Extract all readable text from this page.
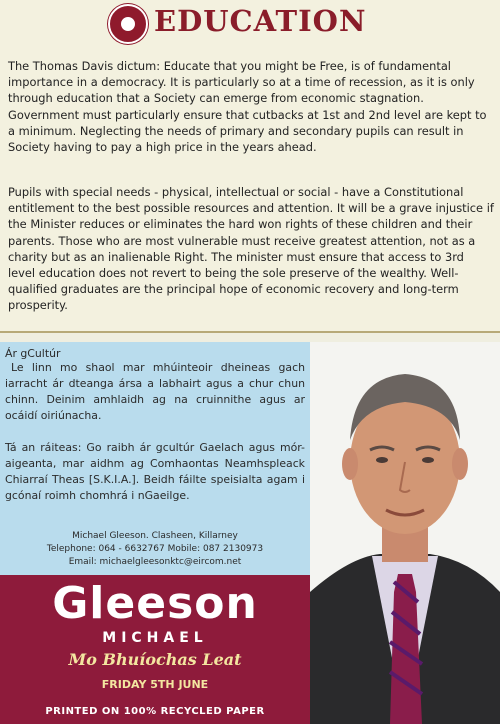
EDUCATION

The Thomas Davis dictum: Educate that you might be Free, is of fundamental importance in a democracy. It is particularly so at a time of recession, as it is only through education that a Society can emerge from economic stagnation. Government must particularly ensure that cutbacks at 1st and 2nd level are kept to a minimum. Neglecting the needs of primary and secondary pupils can result in Society having to pay a high price in the years ahead.

Pupils with special needs - physical, intellectual or social - have a Constitutional entitlement to the best possible resources and attention. It will be a grave injustice if the Minister reduces or eliminates the hard won rights of these children and their parents. Those who are most vulnerable must receive greatest attention, not as a charity but as an inalienable Right. The minister must ensure that access to 3rd level education does not revert to being the sole preserve of the wealthy. Well-qualified graduates are the principal hope of economic recovery and long-term prosperity.

Ár gCultúr

Le linn mo shaol mar mhúinteoir dheineas gach iarracht ár dteanga ársa a labhairt agus a chur chun chinn. Deinim amhlaidh ag na cruinnithe agus ar ocáidí oiriúnacha.

Tá an ráiteas: Go raibh ár gcultúr Gaelach agus mór-aigeanta, mar aidhm ag Comhaontas Neamhspleack Chiarraí Theas [S.K.I.A.]. Beidh fáilte speisialta agam i gcónaí roimh chomhrá i nGaeilge.

Michael Gleeson. Clasheen, Killarney
Telephone: 064 - 6632767 Mobile: 087 2130973
Email: michaelgleesonktc@eircom.net
Gleeson
MICHAEL
Mo Bhuíochas Leat
FRIDAY 5TH JUNE
PRINTED ON 100% RECYCLED PAPER
